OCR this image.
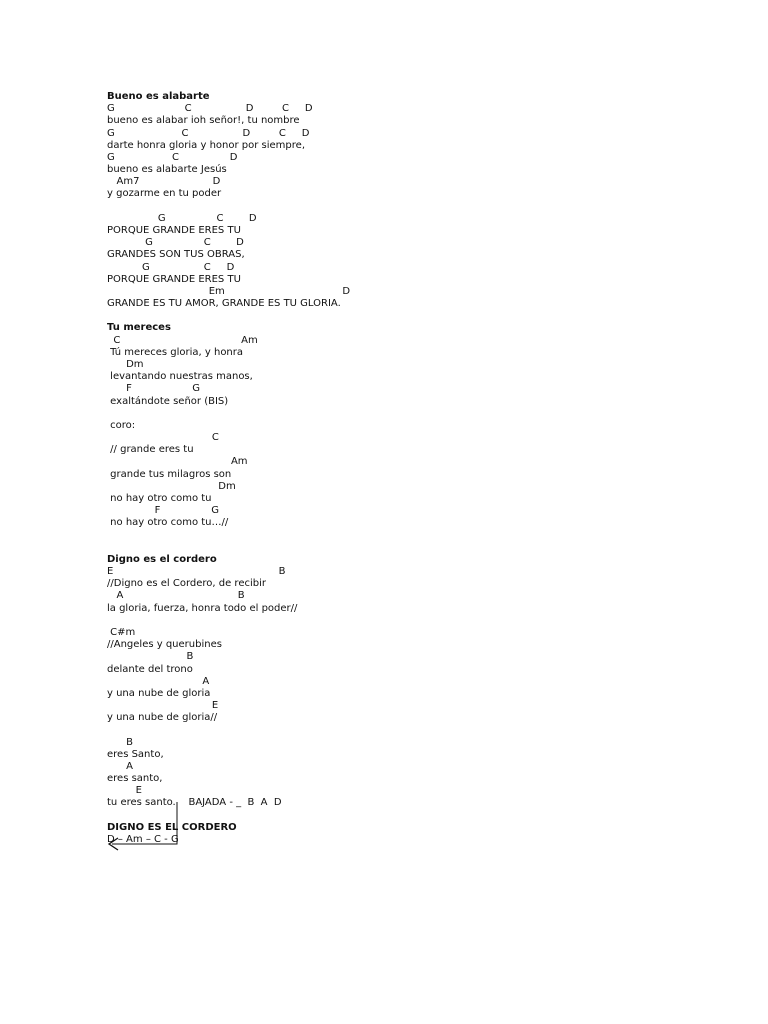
Bueno es alabarte
G                      C                 D         C     D
bueno es alabar ioh señor!, tu nombre
G                     C                 D         C     D
darte honra gloria y honor por siempre,
G                  C                D
bueno es alabarte Jesús
Am7                       D
y gozarme en tu poder
G                C        D
PORQUE GRANDE ERES TU
G                C        D
GRANDES SON TUS OBRAS,
G                 C     D
PORQUE GRANDE ERES TU
Em                                     D
GRANDE ES TU AMOR, GRANDE ES TU GLORIA.
Tu mereces
C                                      Am
Tú mereces gloria, y honra
Dm
levantando nuestras manos,
F                   G
exaltándote señor (BIS)
coro:
C
// grande eres tu
Am
grande tus milagros son
Dm
no hay otro como tu
F                G
no hay otro como tu…//
Digno es el cordero
E                                                    B
//Digno es el Cordero, de recibir
A                                    B
la gloria, fuerza, honra todo el poder//
C#m
//Angeles y querubines
B
delante del trono
A
y una nube de gloria
E
y una nube de gloria//
B
eres Santo,
A
eres santo,
E
tu eres santo.    BAJADA - _  B  A  D
DIGNO ES EL CORDERO
D – Am – C - G
